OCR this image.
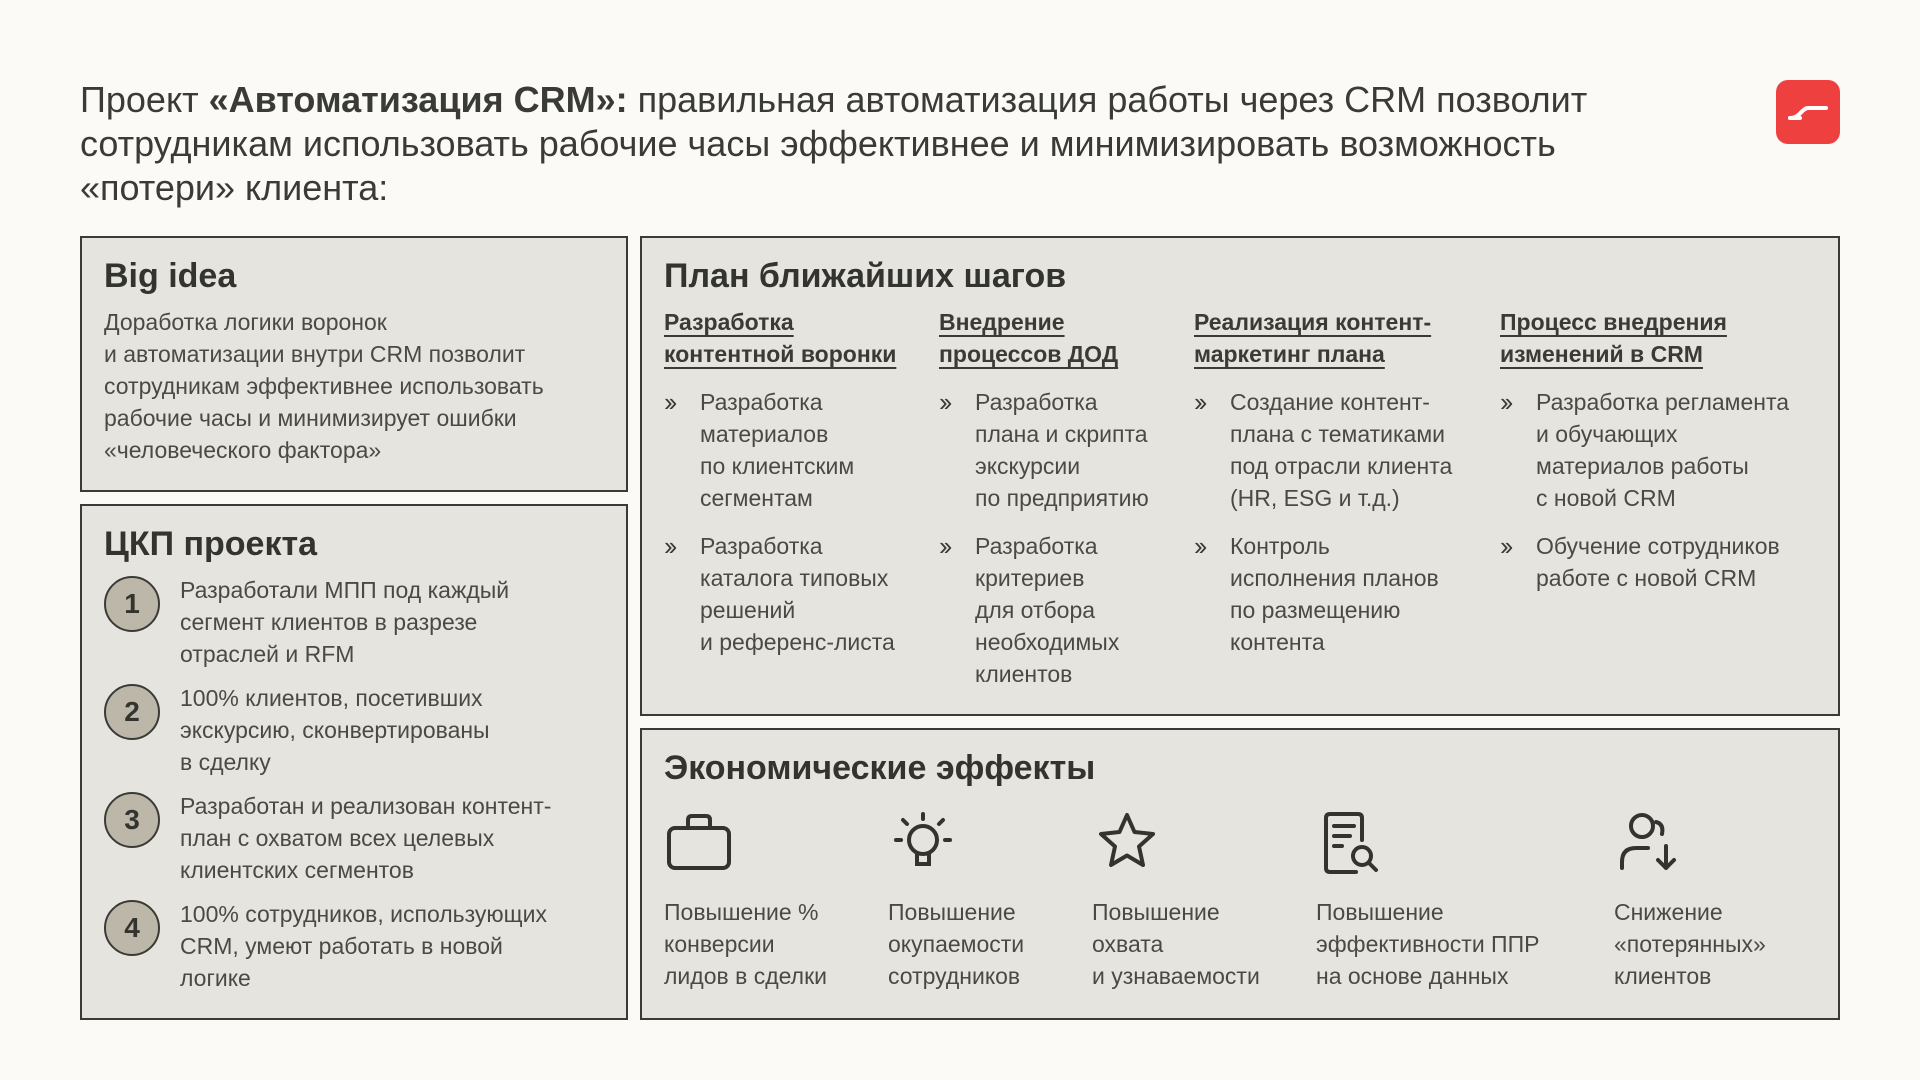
Проект «Автоматизация CRM»: правильная автоматизация работы через CRM позволит сотрудникам использовать рабочие часы эффективнее и минимизировать возможность «потери» клиента:
Big idea

Доработка логики воронок
и автоматизации внутри CRM позволит
сотрудникам эффективнее использовать
рабочие часы и минимизирует ошибки
«человеческого фактора»

ЦКП проекта
1	Разработали МПП под каждый
сегмент клиентов в разрезе
отраслей и RFM
2	100% клиентов, посетивших
экскурсию, сконвертированы
в сделку
3	Разработан и реализован контент-
план с охватом всех целевых
клиентских сегментов
4	100% сотрудников, использующих
CRM, умеют работать в новой
логике
План ближайших шагов
Разработка
контентной воронки
››	Разработка
материалов
по клиентским
сегментам
››	Разработка
каталога типовых
решений
и референс-листа
Внедрение
процессов ДОД
››	Разработка
плана и скрипта
экскурсии
по предприятию
››	Разработка
критериев
для отбора
необходимых
клиентов
Реализация контент-
маркетинг плана
››	Создание контент-
плана с тематиками
под отрасли клиента
(HR, ESG и т.д.)
››	Контроль
исполнения планов
по размещению
контента
Процесс внедрения
изменений в CRM
››	Разработка регламента
и обучающих
материалов работы
с новой CRM
››	Обучение сотрудников
работе с новой CRM
Экономические эффекты
Повышение %
конверсии
лидов в сделки
Повышение
окупаемости
сотрудников
Повышение
охвата
и узнаваемости
Повышение
эффективности ППР
на основе данных
Снижение
«потерянных»
клиентов
